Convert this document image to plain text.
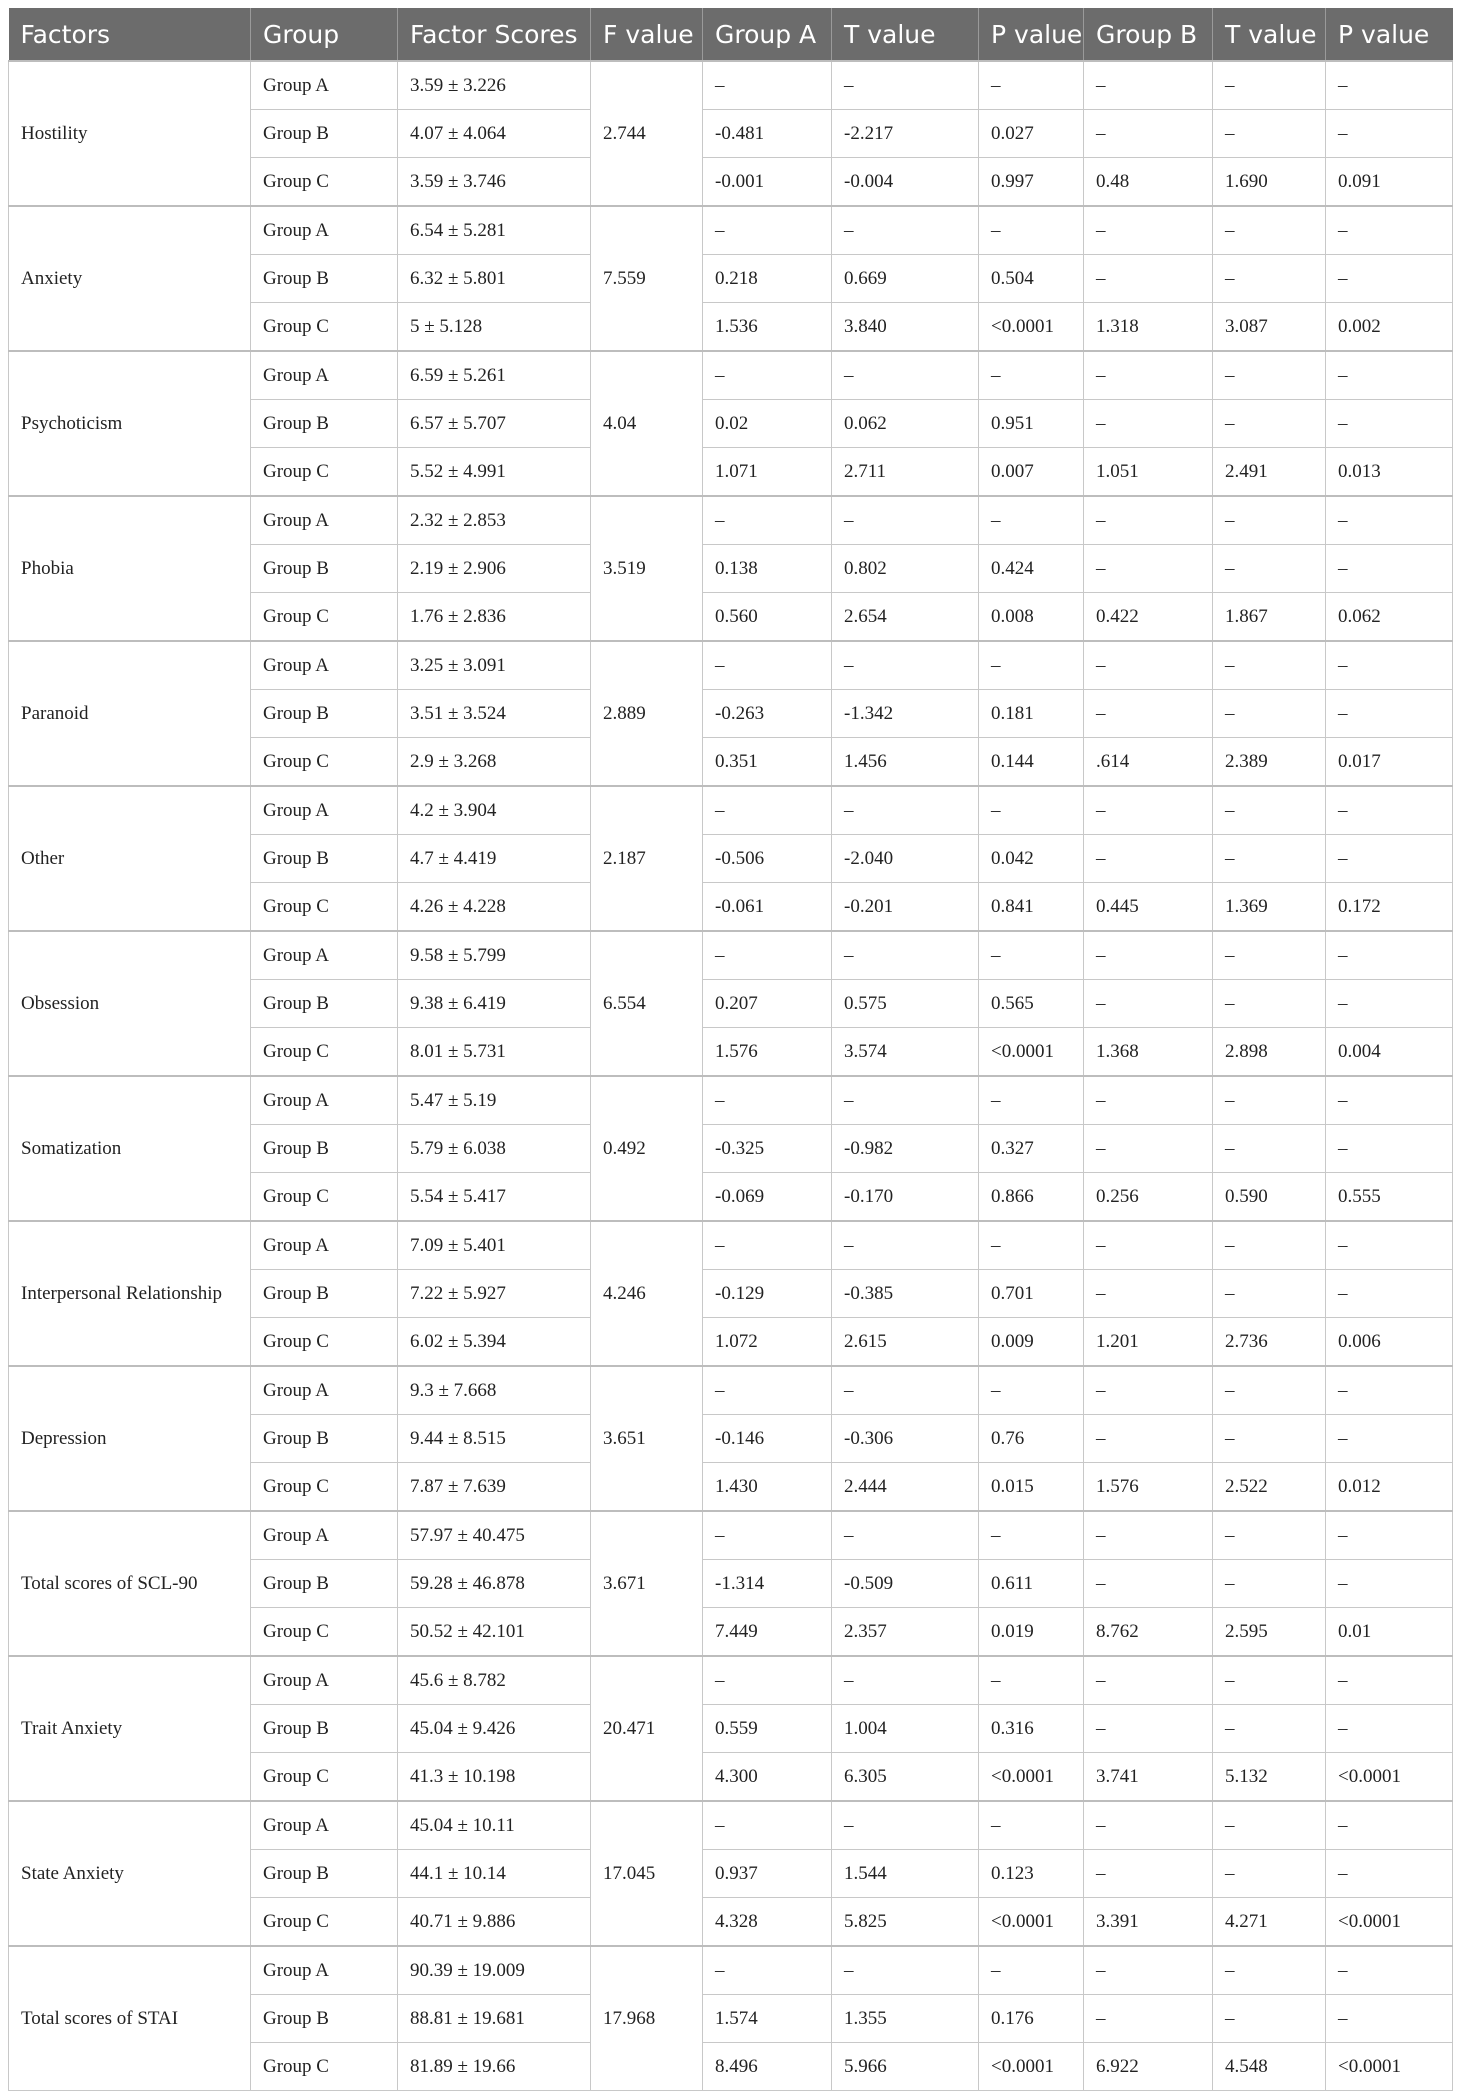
Factors	Group	Factor Scores	F value	Group A	T value	P value	Group B	T value	P value
Hostility	Group A	3.59 ± 3.226	2.744	–	–	–	–	–	–
	Group B	4.07 ± 4.064		-0.481	-2.217	0.027	–	–	–
	Group C	3.59 ± 3.746		-0.001	-0.004	0.997	0.48	1.690	0.091
Anxiety	Group A	6.54 ± 5.281	7.559	–	–	–	–	–	–
	Group B	6.32 ± 5.801		0.218	0.669	0.504	–	–	–
	Group C	5 ± 5.128		1.536	3.840	<0.0001	1.318	3.087	0.002
Psychoticism	Group A	6.59 ± 5.261	4.04	–	–	–	–	–	–
	Group B	6.57 ± 5.707		0.02	0.062	0.951	–	–	–
	Group C	5.52 ± 4.991		1.071	2.711	0.007	1.051	2.491	0.013
Phobia	Group A	2.32 ± 2.853	3.519	–	–	–	–	–	–
	Group B	2.19 ± 2.906		0.138	0.802	0.424	–	–	–
	Group C	1.76 ± 2.836		0.560	2.654	0.008	0.422	1.867	0.062
Paranoid	Group A	3.25 ± 3.091	2.889	–	–	–	–	–	–
	Group B	3.51 ± 3.524		-0.263	-1.342	0.181	–	–	–
	Group C	2.9 ± 3.268		0.351	1.456	0.144	.614	2.389	0.017
Other	Group A	4.2 ± 3.904	2.187	–	–	–	–	–	–
	Group B	4.7 ± 4.419		-0.506	-2.040	0.042	–	–	–
	Group C	4.26 ± 4.228		-0.061	-0.201	0.841	0.445	1.369	0.172
Obsession	Group A	9.58 ± 5.799	6.554	–	–	–	–	–	–
	Group B	9.38 ± 6.419		0.207	0.575	0.565	–	–	–
	Group C	8.01 ± 5.731		1.576	3.574	<0.0001	1.368	2.898	0.004
Somatization	Group A	5.47 ± 5.19	0.492	–	–	–	–	–	–
	Group B	5.79 ± 6.038		-0.325	-0.982	0.327	–	–	–
	Group C	5.54 ± 5.417		-0.069	-0.170	0.866	0.256	0.590	0.555
Interpersonal Relationship	Group A	7.09 ± 5.401	4.246	–	–	–	–	–	–
	Group B	7.22 ± 5.927		-0.129	-0.385	0.701	–	–	–
	Group C	6.02 ± 5.394		1.072	2.615	0.009	1.201	2.736	0.006
Depression	Group A	9.3 ± 7.668	3.651	–	–	–	–	–	–
	Group B	9.44 ± 8.515		-0.146	-0.306	0.76	–	–	–
	Group C	7.87 ± 7.639		1.430	2.444	0.015	1.576	2.522	0.012
Total scores of SCL-90	Group A	57.97 ± 40.475	3.671	–	–	–	–	–	–
	Group B	59.28 ± 46.878		-1.314	-0.509	0.611	–	–	–
	Group C	50.52 ± 42.101		7.449	2.357	0.019	8.762	2.595	0.01
Trait Anxiety	Group A	45.6 ± 8.782	20.471	–	–	–	–	–	–
	Group B	45.04 ± 9.426		0.559	1.004	0.316	–	–	–
	Group C	41.3 ± 10.198		4.300	6.305	<0.0001	3.741	5.132	<0.0001
State Anxiety	Group A	45.04 ± 10.11	17.045	–	–	–	–	–	–
	Group B	44.1 ± 10.14		0.937	1.544	0.123	–	–	–
	Group C	40.71 ± 9.886		4.328	5.825	<0.0001	3.391	4.271	<0.0001
Total scores of STAI	Group A	90.39 ± 19.009	17.968	–	–	–	–	–	–
	Group B	88.81 ± 19.681		1.574	1.355	0.176	–	–	–
	Group C	81.89 ± 19.66		8.496	5.966	<0.0001	6.922	4.548	<0.0001
